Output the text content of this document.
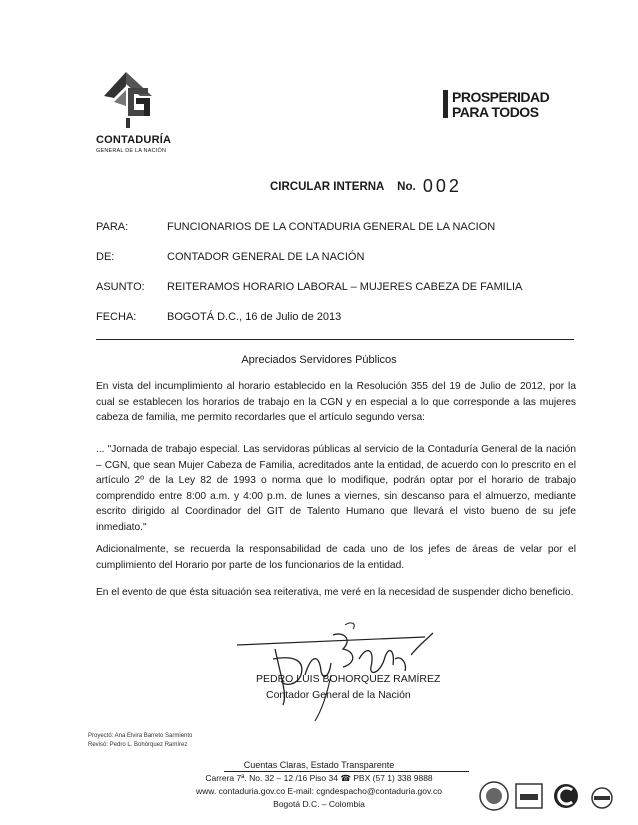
CONTADURÍA
GENERAL DE LA NACIÓN
PROSPERIDAD
PARA TODOS
CIRCULAR INTERNA No. 002
PARA:	FUNCIONARIOS DE LA CONTADURIA GENERAL DE LA NACION
DE:	CONTADOR GENERAL DE LA NACIÓN
ASUNTO: REITERAMOS HORARIO LABORAL – MUJERES CABEZA DE FAMILIA
FECHA:	BOGOTÁ D.C., 16 de Julio de 2013
Apreciados Servidores Públicos
En vista del incumplimiento al horario establecido en la Resolución 355 del 19 de Julio de 2012, por la cual se establecen los horarios de trabajo en la CGN y en especial a lo que corresponde a las mujeres cabeza de familia, me permito recordarles que el artículo segundo versa:
... "Jornada de trabajo especial. Las servidoras públicas al servicio de la Contaduría General de la nación – CGN, que sean Mujer Cabeza de Familia, acreditados ante la entidad, de acuerdo con lo prescrito en el artículo 2º de la Ley 82 de 1993 o norma que lo modifique, podrán optar por el horario de trabajo comprendido entre 8:00 a.m. y 4:00 p.m. de lunes a viernes, sin descanso para el almuerzo, mediante escrito dirigido al Coordinador del GIT de Talento Humano que llevará el visto bueno de su jefe inmediato."
Adicionalmente, se recuerda la responsabilidad de cada uno de los jefes de áreas de velar por el cumplimiento del Horario por parte de los funcionarios de la entidad.
En el evento de que ésta situación sea reiterativa, me veré en la necesidad de suspender dicho beneficio.
PEDRO LUIS BOHORQUEZ RAMÍREZ
Contador General de la Nación
Proyectó: Ana Elvira Barreto Sarmiento
Revisó: Pedro L. Bohórquez Ramírez
Cuentas Claras, Estado Transparente
Carrera 7ª. No. 32 – 12 /16 Piso 34 ☎ PBX (57 1) 338 9888
www. contaduria.gov.co E-mail: cgndespacho@contaduria.gov.co
Bogotá D.C. – Colombia
